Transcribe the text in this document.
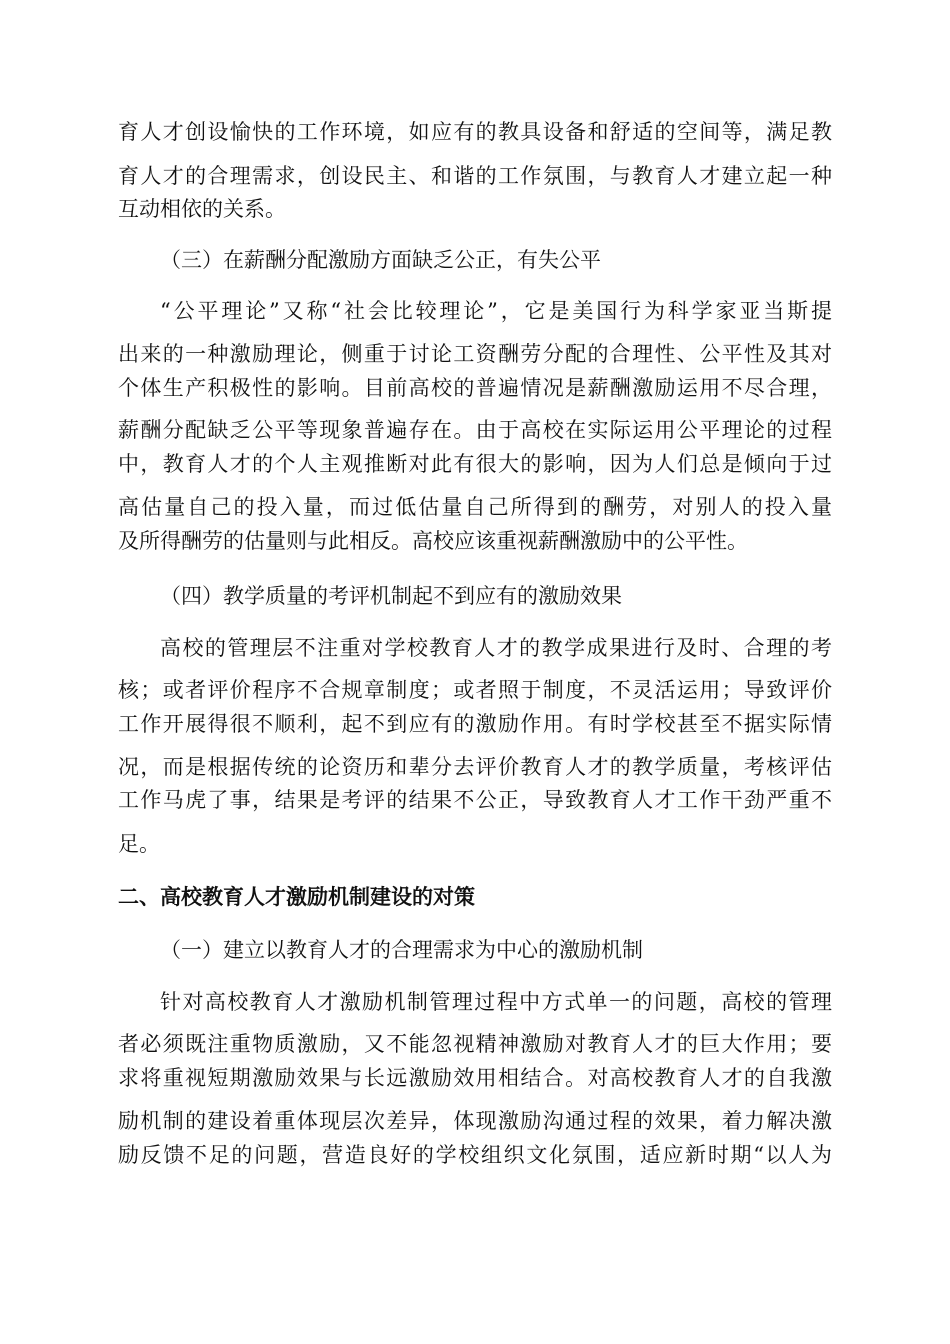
育人才创设愉快的工作环境，如应有的教具设备和舒适的空间等，满足教
育人才的合理需求，创设民主、和谐的工作氛围，与教育人才建立起一种
互动相依的关系。
（三）在薪酬分配激励方面缺乏公正，有失公平
“公平理论”又称“社会比较理论”，它是美国行为科学家亚当斯提
出来的一种激励理论，侧重于讨论工资酬劳分配的合理性、公平性及其对
个体生产积极性的影响。目前高校的普遍情况是薪酬激励运用不尽合理，
薪酬分配缺乏公平等现象普遍存在。由于高校在实际运用公平理论的过程
中，教育人才的个人主观推断对此有很大的影响，因为人们总是倾向于过
高估量自己的投入量，而过低估量自己所得到的酬劳，对别人的投入量
及所得酬劳的估量则与此相反。高校应该重视薪酬激励中的公平性。
（四）教学质量的考评机制起不到应有的激励效果
高校的管理层不注重对学校教育人才的教学成果进行及时、合理的考
核；或者评价程序不合规章制度；或者照于制度，不灵活运用；导致评价
工作开展得很不顺利，起不到应有的激励作用。有时学校甚至不据实际情
况，而是根据传统的论资历和辈分去评价教育人才的教学质量，考核评估
工作马虎了事，结果是考评的结果不公正，导致教育人才工作干劲严重不
足。
二、高校教育人才激励机制建设的对策
（一）建立以教育人才的合理需求为中心的激励机制
针对高校教育人才激励机制管理过程中方式单一的问题，高校的管理
者必须既注重物质激励，又不能忽视精神激励对教育人才的巨大作用；要
求将重视短期激励效果与长远激励效用相结合。对高校教育人才的自我激
励机制的建设着重体现层次差异，体现激励沟通过程的效果，着力解决激
励反馈不足的问题，营造良好的学校组织文化氛围，适应新时期“以人为
